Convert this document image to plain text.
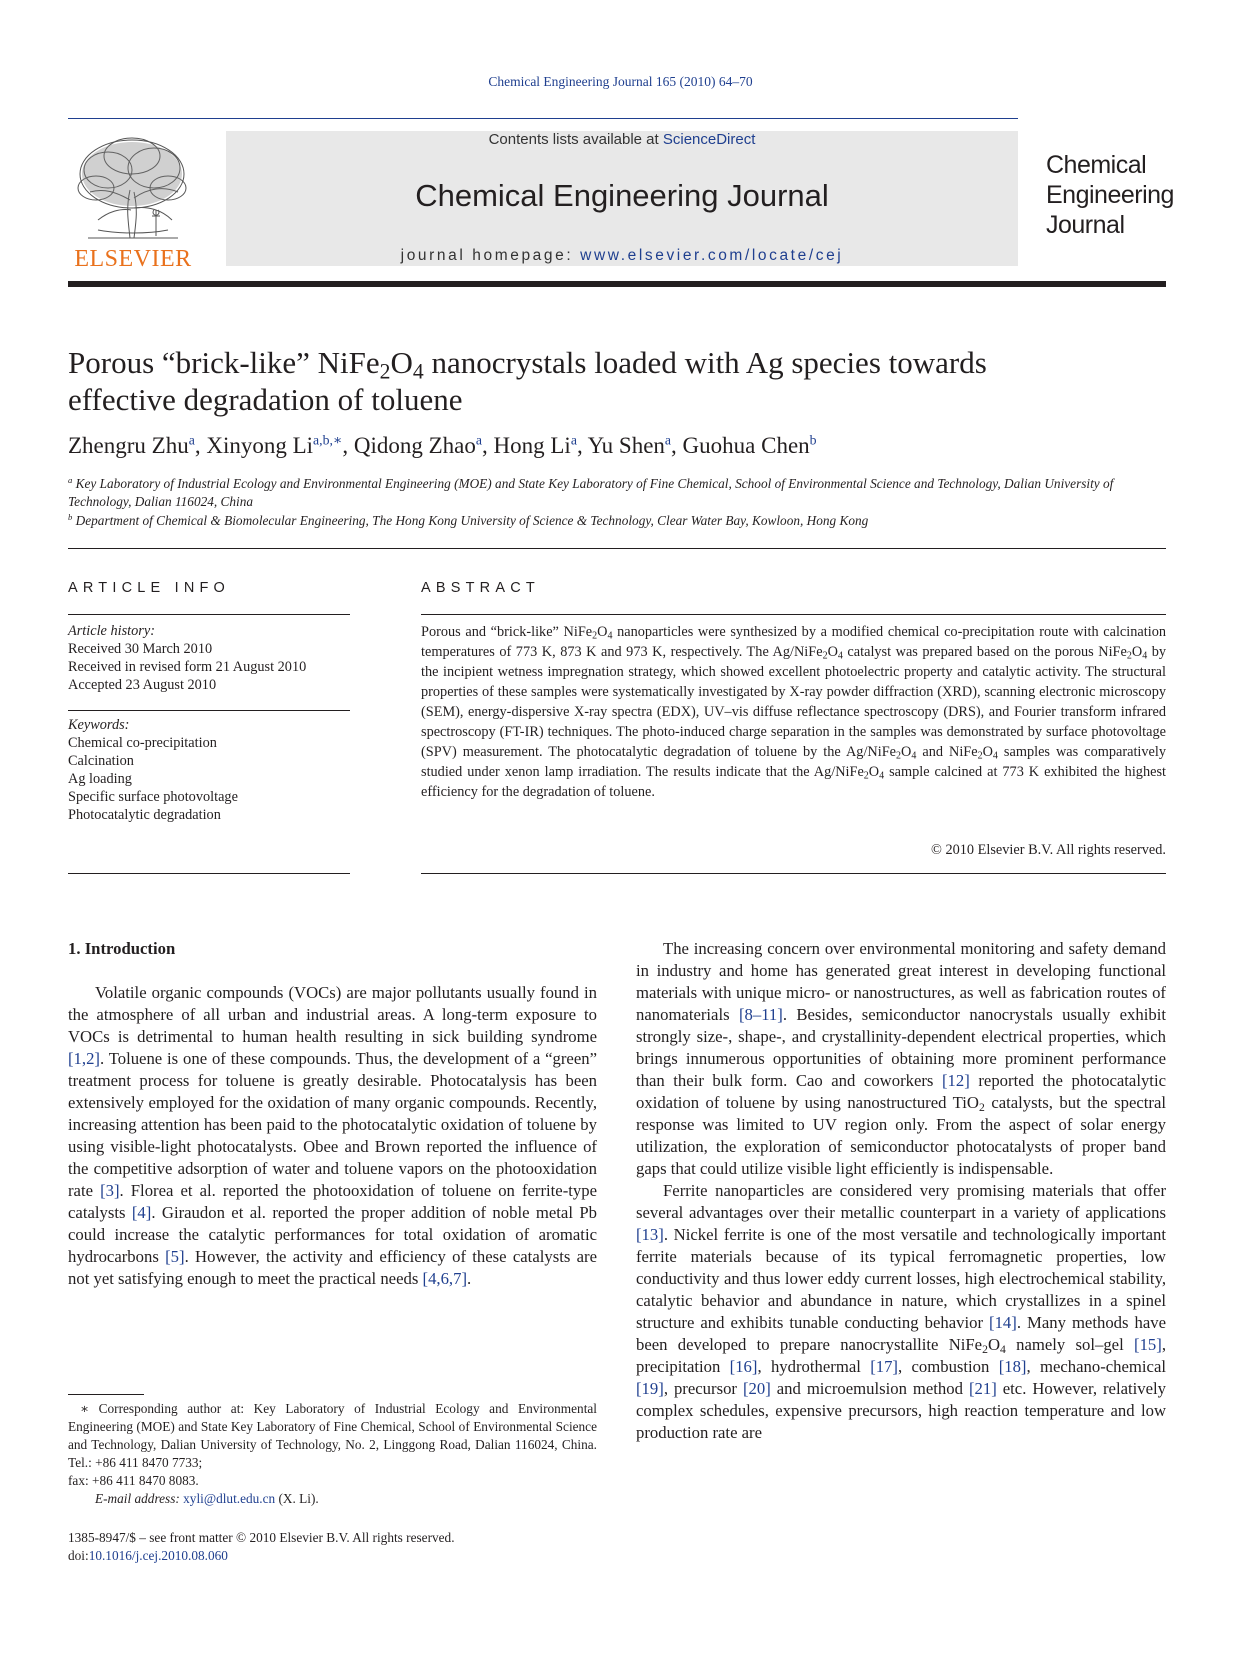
Chemical Engineering Journal 165 (2010) 64–70
ELSEVIER
Contents lists available at ScienceDirect
Chemical Engineering Journal
journal homepage: www.elsevier.com/locate/cej
Chemical
Engineering
Journal
Porous “brick-like” $NiFe_2O_4$ nanocrystals loaded with Ag species towards
effective degradation of toluene
Zhengru Zhu$^a$, Xinyong $Li^{a,b,∗}$, Qidong Zhao$^a$, Hong Li$^a$, Yu Shen$^a$, Guohua Chen$^b$
$^a$ Key Laboratory of Industrial Ecology and Environmental Engineering (MOE) and State Key Laboratory of Fine Chemical, School of Environmental Science and Technology, Dalian University of Technology, Dalian 116024, China
$^b$ Department of Chemical & Biomolecular Engineering, The Hong Kong University of Science & Technology, Clear Water Bay, Kowloon, Hong Kong
ARTICLE INFO	ABSTRACT
Article history:
Received 30 March 2010
Received in revised form 21 August 2010
Accepted 23 August 2010
Keywords:
Chemical co-precipitation
Calcination
Ag loading
Specific surface photovoltage
Photocatalytic degradation
Porous and “brick-like” $NiFe_2O_4$ nanoparticles were synthesized by a modified chemical co-precipitation route with calcination temperatures of 773 K, 873 K and 973 K, respectively. The $Ag/NiFe_2O_4$ catalyst was prepared based on the porous $NiFe_2O_4$ by the incipient wetness impregnation strategy, which showed excellent photoelectric property and catalytic activity. The structural properties of these samples were systematically investigated by X-ray powder diffraction (XRD), scanning electronic microscopy (SEM), energy-dispersive X-ray spectra (EDX), UV–vis diffuse reflectance spectroscopy (DRS), and Fourier transform infrared spectroscopy (FT-IR) techniques. The photo-induced charge separation in the samples was demonstrated by surface photovoltage (SPV) measurement. The photocatalytic degradation of toluene by the $Ag/NiFe_2O_4$ and $NiFe_2O_4$ samples was comparatively studied under xenon lamp irradiation. The results indicate that the $Ag/NiFe_2O_4$ sample calcined at 773 K exhibited the highest efficiency for the degradation of toluene.
© 2010 Elsevier B.V. All rights reserved.

1. Introduction

Volatile organic compounds (VOCs) are major pollutants usually found in the atmosphere of all urban and industrial areas. A long-term exposure to VOCs is detrimental to human health resulting in sick building syndrome [1,2]. Toluene is one of these compounds. Thus, the development of a “green” treatment process for toluene is greatly desirable. Photocatalysis has been extensively employed for the oxidation of many organic compounds. Recently, increasing attention has been paid to the photocatalytic oxidation of toluene by using visible-light photocatalysts. Obee and Brown reported the influence of the competitive adsorption of water and toluene vapors on the photooxidation rate [3]. Florea et al. reported the photooxidation of toluene on ferrite-type catalysts [4]. Giraudon et al. reported the proper addition of noble metal Pb could increase the catalytic performances for total oxidation of aromatic hydrocarbons [5]. However, the activity and efficiency of these catalysts are not yet satisfying enough to meet the practical needs [4,6,7].

The increasing concern over environmental monitoring and safety demand in industry and home has generated great interest in developing functional materials with unique micro- or nanostructures, as well as fabrication routes of nanomaterials [8–11]. Besides, semiconductor nanocrystals usually exhibit strongly size-, shape-, and crystallinity-dependent electrical properties, which brings innumerous opportunities of obtaining more prominent performance than their bulk form. Cao and coworkers [12] reported the photocatalytic oxidation of toluene by using nanostructured TiO$_2$ catalysts, but the spectral response was limited to UV region only. From the aspect of solar energy utilization, the exploration of semiconductor photocatalysts of proper band gaps that could utilize visible light efficiently is indispensable.

Ferrite nanoparticles are considered very promising materials that offer several advantages over their metallic counterpart in a variety of applications [13]. Nickel ferrite is one of the most versatile and technologically important ferrite materials because of its typical ferromagnetic properties, low conductivity and thus lower eddy current losses, high electrochemical stability, catalytic behavior and abundance in nature, which crystallizes in a spinel structure and exhibits tunable conducting behavior [14]. Many methods have been developed to prepare nanocrystallite $NiFe_2O_4$ namely sol–gel [15], precipitation [16], hydrothermal [17], combustion [18], mechano-chemical [19], precursor [20] and microemulsion method [21] etc. However, relatively complex schedules, expensive precursors, high reaction temperature and low production rate are

∗ Corresponding author at: Key Laboratory of Industrial Ecology and Environmental Engineering (MOE) and State Key Laboratory of Fine Chemical, School of Environmental Science and Technology, Dalian University of Technology, No. 2, Linggong Road, Dalian 116024, China. Tel.: +86 411 8470 7733;

fax: +86 411 8470 8083.

E-mail address: xyli@dlut.edu.cn (X. Li).

1385-8947/$ – see front matter © 2010 Elsevier B.V. All rights reserved.
doi:10.1016/j.cej.2010.08.060
